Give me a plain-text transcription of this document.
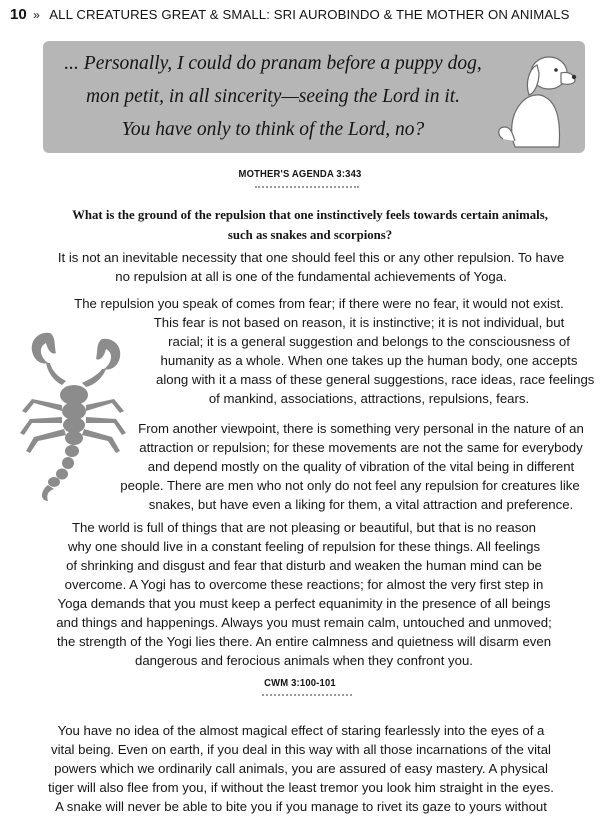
10 » ALL CREATURES GREAT & SMALL: SRI AUROBINDO & THE MOTHER ON ANIMALS
... Personally, I could do pranam before a puppy dog,
mon petit, in all sincerity—seeing the Lord in it.
You have only to think of the Lord, no?
MOTHER'S AGENDA 3:343
What is the ground of the repulsion that one instinctively feels towards certain animals,
such as snakes and scorpions?
It is not an inevitable necessity that one should feel this or any other repulsion. To have
no repulsion at all is one of the fundamental achievements of Yoga.
The repulsion you speak of comes from fear; if there were no fear, it would not exist.
This fear is not based on reason, it is instinctive; it is not individual, but
racial; it is a general suggestion and belongs to the consciousness of
humanity as a whole. When one takes up the human body, one accepts
along with it a mass of these general suggestions, race ideas, race feelings
of mankind, associations, attractions, repulsions, fears.
From another viewpoint, there is something very personal in the nature of an
attraction or repulsion; for these movements are not the same for everybody
and depend mostly on the quality of vibration of the vital being in different
people. There are men who not only do not feel any repulsion for creatures like
snakes, but have even a liking for them, a vital attraction and preference.
The world is full of things that are not pleasing or beautiful, but that is no reason
why one should live in a constant feeling of repulsion for these things. All feelings
of shrinking and disgust and fear that disturb and weaken the human mind can be
overcome. A Yogi has to overcome these reactions; for almost the very first step in
Yoga demands that you must keep a perfect equanimity in the presence of all beings
and things and happenings. Always you must remain calm, untouched and unmoved;
the strength of the Yogi lies there. An entire calmness and quietness will disarm even
dangerous and ferocious animals when they confront you.
CWM 3:100-101
You have no idea of the almost magical effect of staring fearlessly into the eyes of a
vital being. Even on earth, if you deal in this way with all those incarnations of the vital
powers which we ordinarily call animals, you are assured of easy mastery. A physical
tiger will also flee from you, if without the least tremor you look him straight in the eyes.
A snake will never be able to bite you if you manage to rivet its gaze to yours without
